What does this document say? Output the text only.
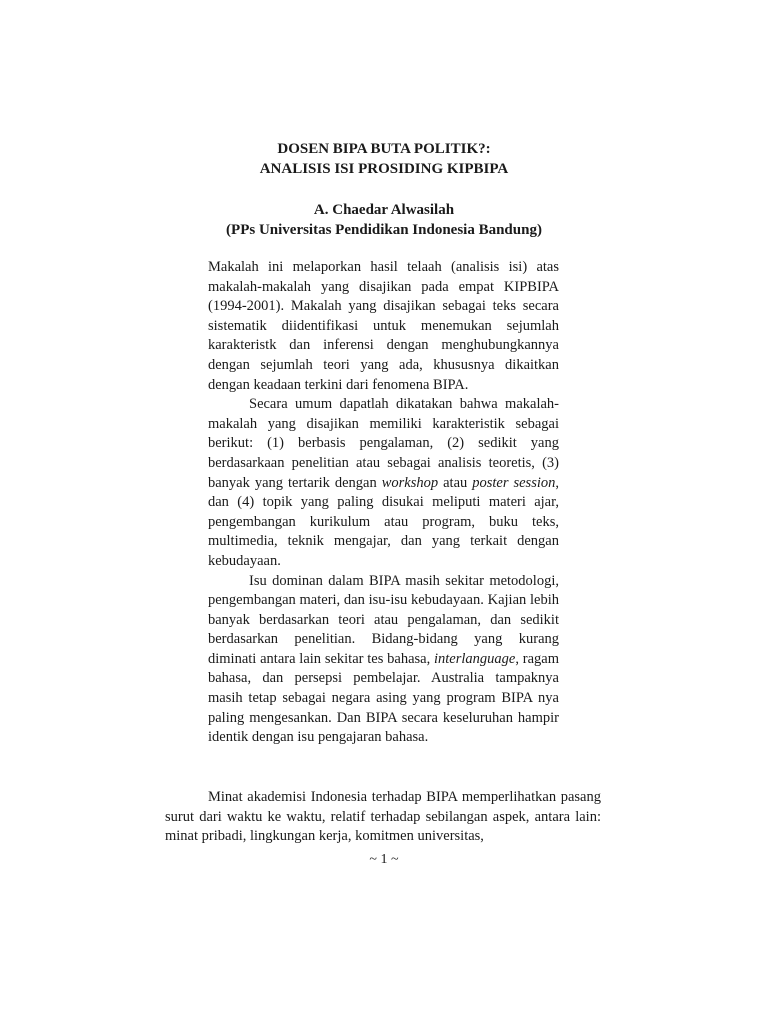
DOSEN BIPA BUTA POLITIK?:
ANALISIS ISI PROSIDING KIPBIPA

A. Chaedar Alwasilah

(PPs Universitas Pendidikan Indonesia Bandung)

Makalah ini melaporkan hasil telaah (analisis isi) atas makalah-makalah yang disajikan pada empat KIPBIPA (1994-2001). Makalah yang disajikan sebagai teks secara sistematik diidentifikasi untuk menemukan sejumlah karakteristk dan inferensi dengan menghubungkannya dengan sejumlah teori yang ada, khususnya dikaitkan dengan keadaan terkini dari fenomena BIPA.

Secara umum dapatlah dikatakan bahwa makalah-makalah yang disajikan memiliki karakteristik sebagai berikut: (1) berbasis pengalaman, (2) sedikit yang berdasarkaan penelitian atau sebagai analisis teoretis, (3) banyak yang tertarik dengan workshop atau poster session, dan (4) topik yang paling disukai meliputi materi ajar, pengembangan kurikulum atau program, buku teks, multimedia, teknik mengajar, dan yang terkait dengan kebudayaan.

Isu dominan dalam BIPA masih sekitar metodologi, pengembangan materi, dan isu-isu kebudayaan. Kajian lebih banyak berdasarkan teori atau pengalaman, dan sedikit berdasarkan penelitian. Bidang-bidang yang kurang diminati antara lain sekitar tes bahasa, interlanguage, ragam bahasa, dan persepsi pembelajar. Australia tampaknya masih tetap sebagai negara asing yang program BIPA nya paling mengesankan. Dan BIPA secara keseluruhan hampir identik dengan isu pengajaran bahasa.

Minat akademisi Indonesia terhadap BIPA memperlihatkan pasang surut dari waktu ke waktu, relatif terhadap sebilangan aspek, antara lain: minat pribadi, lingkungan kerja, komitmen universitas,

~ 1 ~
